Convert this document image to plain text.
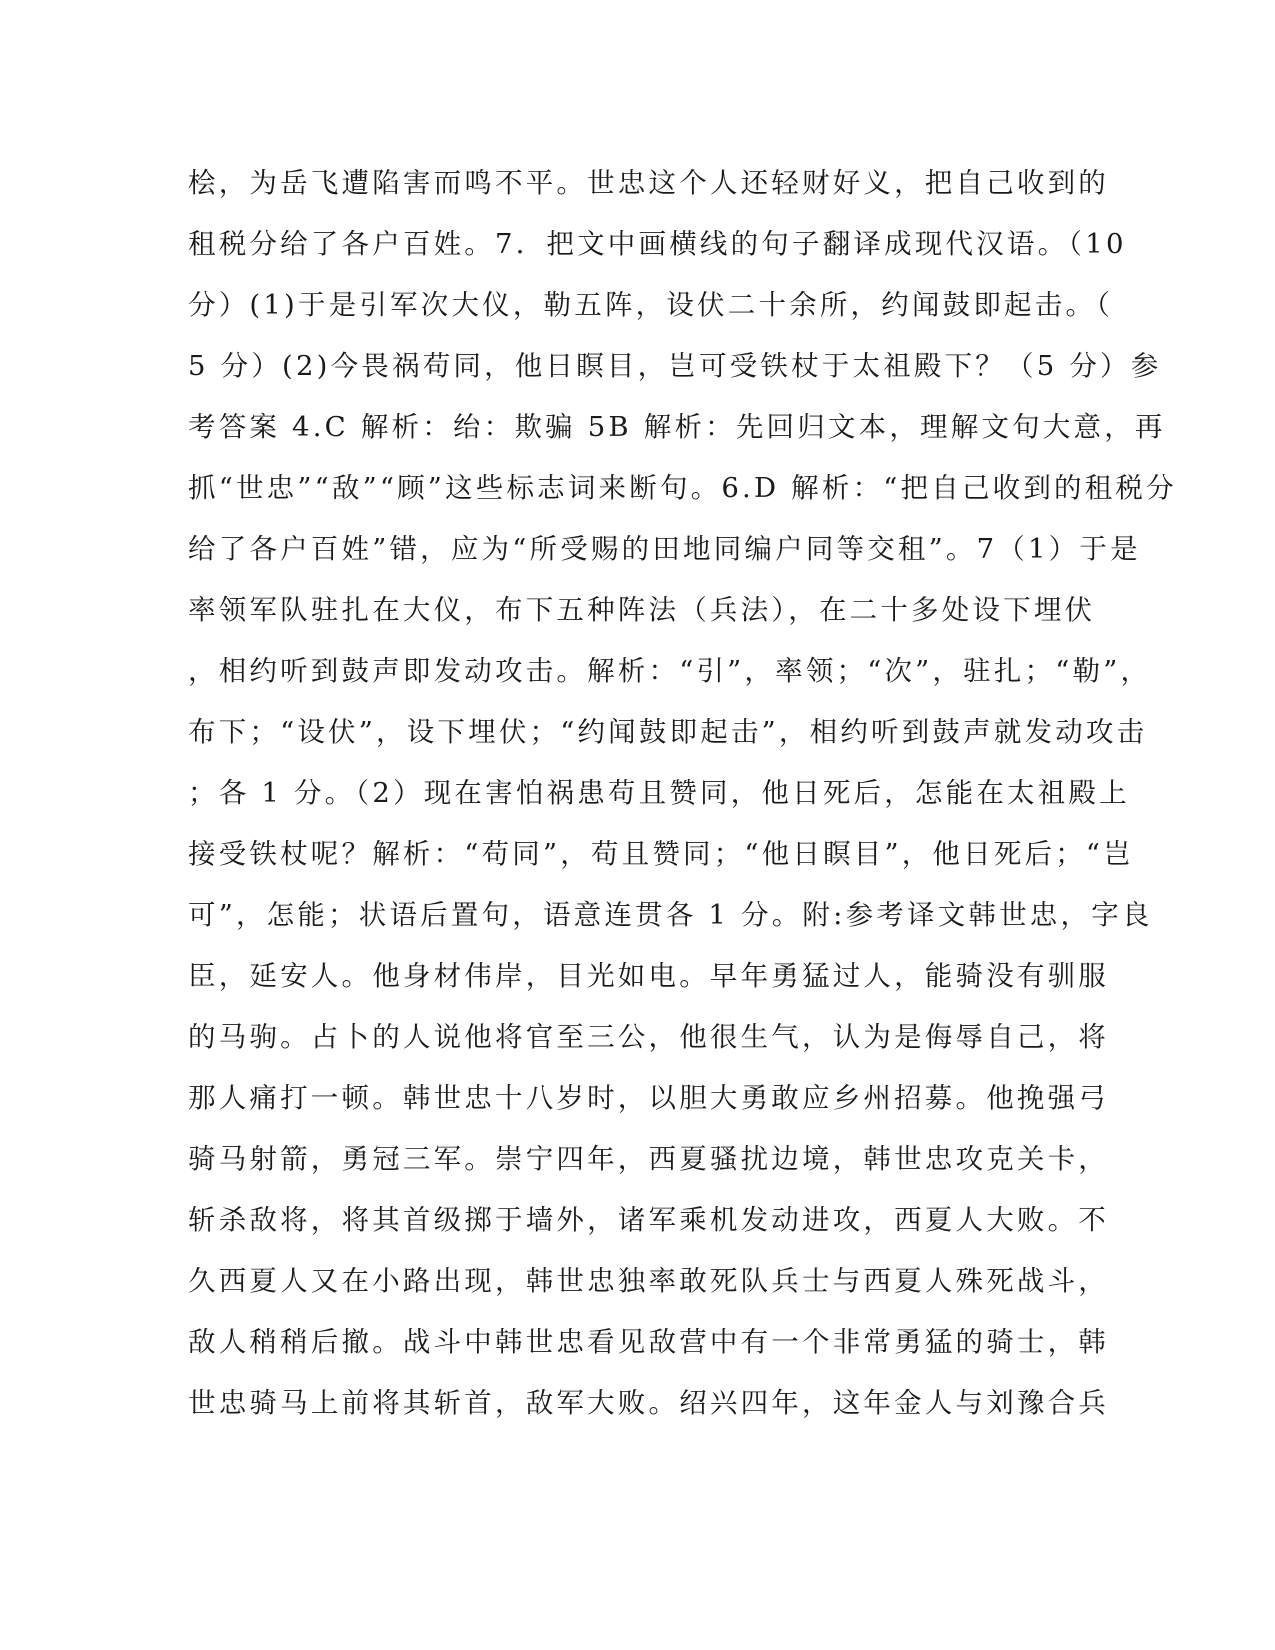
桧，为岳飞遭陷害而鸣不平。世忠这个人还轻财好义，把自己收到的
租税分给了各户百姓。7．把文中画横线的句子翻译成现代汉语。（10
分）(1)于是引军次大仪，勒五阵，设伏二十余所，约闻鼓即起击。（
5 分）(2)今畏祸苟同，他日瞑目，岂可受铁杖于太祖殿下？（5 分）参
考答案 4.C 解析：绐：欺骗 5B 解析：先回归文本，理解文句大意，再
抓“世忠”“敌”“顾”这些标志词来断句。6.D 解析：“把自己收到的租税分
给了各户百姓”错，应为“所受赐的田地同编户同等交租”。7（1）于是
率领军队驻扎在大仪，布下五种阵法（兵法），在二十多处设下埋伏
，相约听到鼓声即发动攻击。解析：“引”，率领；“次”，驻扎；“勒”，
布下；“设伏”，设下埋伏；“约闻鼓即起击”，相约听到鼓声就发动攻击
；各 1 分。（2）现在害怕祸患苟且赞同，他日死后，怎能在太祖殿上
接受铁杖呢？解析：“苟同”，苟且赞同；“他日瞑目”，他日死后；“岂
可”，怎能；状语后置句，语意连贯各 1 分。附:参考译文韩世忠，字良
臣，延安人。他身材伟岸，目光如电。早年勇猛过人，能骑没有驯服
的马驹。占卜的人说他将官至三公，他很生气，认为是侮辱自己，将
那人痛打一顿。韩世忠十八岁时，以胆大勇敢应乡州招募。他挽强弓
骑马射箭，勇冠三军。崇宁四年，西夏骚扰边境，韩世忠攻克关卡，
斩杀敌将，将其首级掷于墙外，诸军乘机发动进攻，西夏人大败。不
久西夏人又在小路出现，韩世忠独率敢死队兵士与西夏人殊死战斗，
敌人稍稍后撤。战斗中韩世忠看见敌营中有一个非常勇猛的骑士，韩
世忠骑马上前将其斩首，敌军大败。绍兴四年，这年金人与刘豫合兵
